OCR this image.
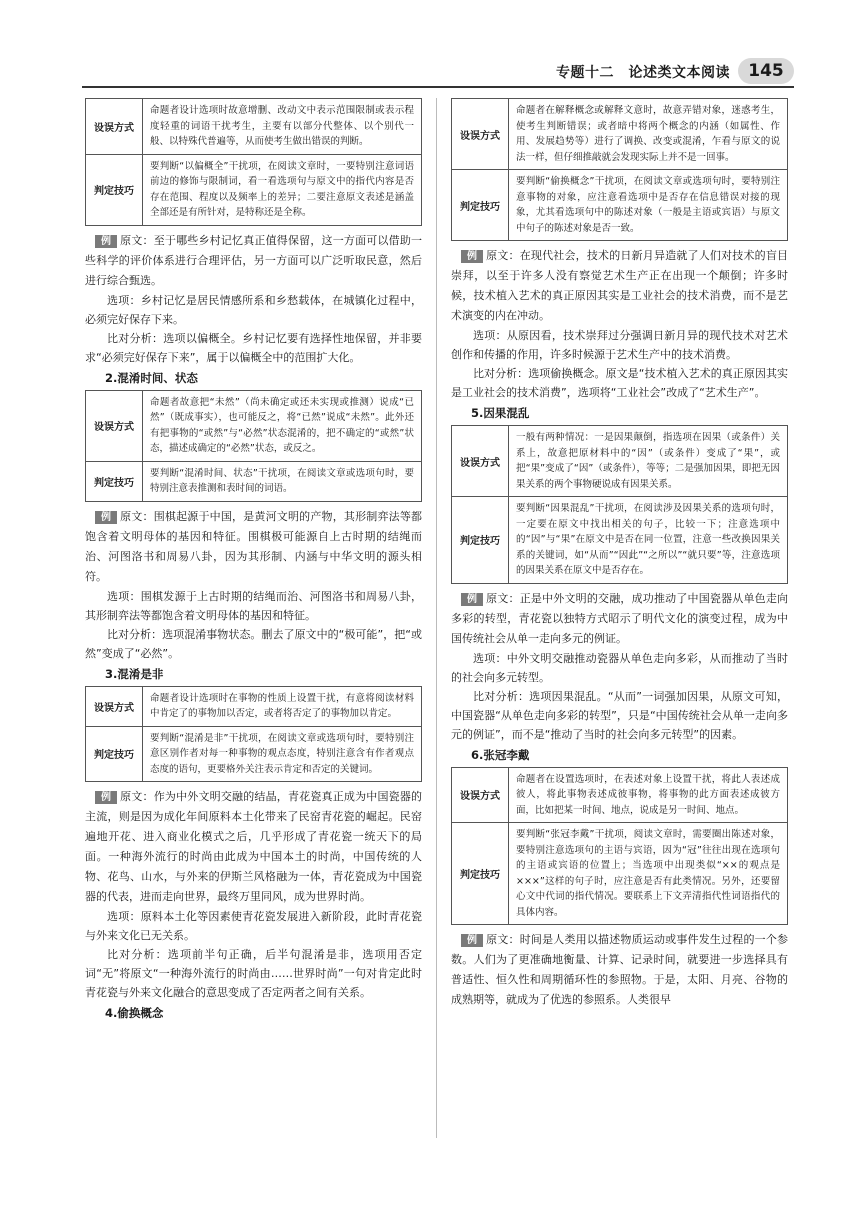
专题十二　论述类文本阅读	145
设误方式	命题者设计选项时故意增删、改动文中表示范围限制或表示程度轻重的词语干扰考生，主要有以部分代整体、以个别代一般、以特殊代普遍等，从而使考生做出错误的判断。
判定技巧	要判断“以偏概全”干扰项，在阅读文章时，一要特别注意词语前边的修饰与限制词，看一看选项句与原文中的指代内容是否存在范围、程度以及频率上的差异；二要注意原文表述是涵盖全部还是有所针对，是特称还是全称。

例 原文：至于哪些乡村记忆真正值得保留，这一方面可以借助一些科学的评价体系进行合理评估，另一方面可以广泛听取民意，然后进行综合甄选。

选项：乡村记忆是居民情感所系和乡愁载体，在城镇化过程中，必须完好保存下来。

比对分析：选项以偏概全。乡村记忆要有选择性地保留，并非要求“必须完好保存下来”，属于以偏概全中的范围扩大化。

2.混淆时间、状态
设误方式	命题者故意把“未然”（尚未确定或还未实现或推测）说成“已然”（既成事实），也可能反之，将“已然”说成“未然”。此外还有把事物的“或然”与“必然”状态混淆的，把不确定的“或然”状态，描述成确定的“必然”状态，或反之。
判定技巧	要判断“混淆时间、状态”干扰项，在阅读文章或选项句时，要特别注意表推测和表时间的词语。

例 原文：围棋起源于中国，是黄河文明的产物，其形制弈法等都饱含着文明母体的基因和特征。围棋极可能源自上古时期的结绳而治、河图洛书和周易八卦，因为其形制、内涵与中华文明的源头相符。

选项：围棋发源于上古时期的结绳而治、河图洛书和周易八卦，其形制弈法等都饱含着文明母体的基因和特征。

比对分析：选项混淆事物状态。删去了原文中的“极可能”，把“或然”变成了“必然”。

3.混淆是非
设误方式	命题者设计选项时在事物的性质上设置干扰，有意将阅读材料中肯定了的事物加以否定，或者将否定了的事物加以肯定。
判定技巧	要判断“混淆是非”干扰项，在阅读文章或选项句时，要特别注意区别作者对每一种事物的观点态度，特别注意含有作者观点态度的语句，更要格外关注表示肯定和否定的关键词。

例 原文：作为中外文明交融的结晶，青花瓷真正成为中国瓷器的主流，则是因为成化年间原料本土化带来了民窑青花瓷的崛起。民窑遍地开花、进入商业化模式之后，几乎形成了青花瓷一统天下的局面。一种海外流行的时尚由此成为中国本土的时尚，中国传统的人物、花鸟、山水，与外来的伊斯兰风格融为一体，青花瓷成为中国瓷器的代表，进而走向世界，最终万里同风，成为世界时尚。

选项：原料本土化等因素使青花瓷发展进入新阶段，此时青花瓷与外来文化已无关系。

比对分析：选项前半句正确，后半句混淆是非，选项用否定词“无”将原文“一种海外流行的时尚由……世界时尚”一句对肯定此时青花瓷与外来文化融合的意思变成了否定两者之间有关系。

4.偷换概念
设误方式	命题者在解释概念或解释文意时，故意弄错对象，迷惑考生，使考生判断错误；或者暗中将两个概念的内涵（如属性、作用、发展趋势等）进行了调换、改变或混淆，乍看与原文的说法一样，但仔细推敲就会发现实际上并不是一回事。
判定技巧	要判断“偷换概念”干扰项，在阅读文章或选项句时，要特别注意事物的对象，应注意看选项中是否存在信息错误对接的现象，尤其看选项句中的陈述对象（一般是主语或宾语）与原文中句子的陈述对象是否一致。

例 原文：在现代社会，技术的日新月异造就了人们对技术的盲目崇拜，以至于许多人没有察觉艺术生产正在出现一个颠倒；许多时候，技术植入艺术的真正原因其实是工业社会的技术消费，而不是艺术演变的内在冲动。

选项：从原因看，技术崇拜过分强调日新月异的现代技术对艺术创作和传播的作用，许多时候源于艺术生产中的技术消费。

比对分析：选项偷换概念。原文是“技术植入艺术的真正原因其实是工业社会的技术消费”，选项将“工业社会”改成了“艺术生产”。

5.因果混乱
设误方式	一般有两种情况：一是因果颠倒，指选项在因果（或条件）关系上，故意把原材料中的“因”（或条件）变成了“果”，或把“果”变成了“因”（或条件），等等；二是强加因果，即把无因果关系的两个事物硬说成有因果关系。
判定技巧	要判断“因果混乱”干扰项，在阅读涉及因果关系的选项句时，一定要在原文中找出相关的句子，比较一下；注意选项中的“因”与“果”在原文中是否在同一位置，注意一些改换因果关系的关键词，如“从而”“因此”“之所以”“就只要”等，注意选项的因果关系在原文中是否存在。

例 原文：正是中外文明的交融，成功推动了中国瓷器从单色走向多彩的转型，青花瓷以独特方式昭示了明代文化的演变过程，成为中国传统社会从单一走向多元的例证。

选项：中外文明交融推动瓷器从单色走向多彩，从而推动了当时的社会向多元转型。

比对分析：选项因果混乱。“从而”一词强加因果，从原文可知，中国瓷器“从单色走向多彩的转型”，只是“中国传统社会从单一走向多元的例证”，而不是“推动了当时的社会向多元转型”的因素。

6.张冠李戴
设误方式	命题者在设置选项时，在表述对象上设置干扰，将此人表述成彼人，将此事物表述成彼事物，将事物的此方面表述成彼方面，比如把某一时间、地点，说成是另一时间、地点。
判定技巧	要判断“张冠李戴”干扰项，阅读文章时，需要圈出陈述对象，要特别注意选项句的主语与宾语，因为“冠”往往出现在选项句的主语或宾语的位置上；当选项中出现类似“××的观点是×××”这样的句子时，应注意是否有此类情况。另外，还要留心文中代词的指代情况。要联系上下文弄清指代性词语指代的具体内容。

例 原文：时间是人类用以描述物质运动或事件发生过程的一个参数。人们为了更准确地衡量、计算、记录时间，就要进一步选择具有普适性、恒久性和周期循环性的参照物。于是，太阳、月亮、谷物的成熟期等，就成为了优选的参照系。人类很早
